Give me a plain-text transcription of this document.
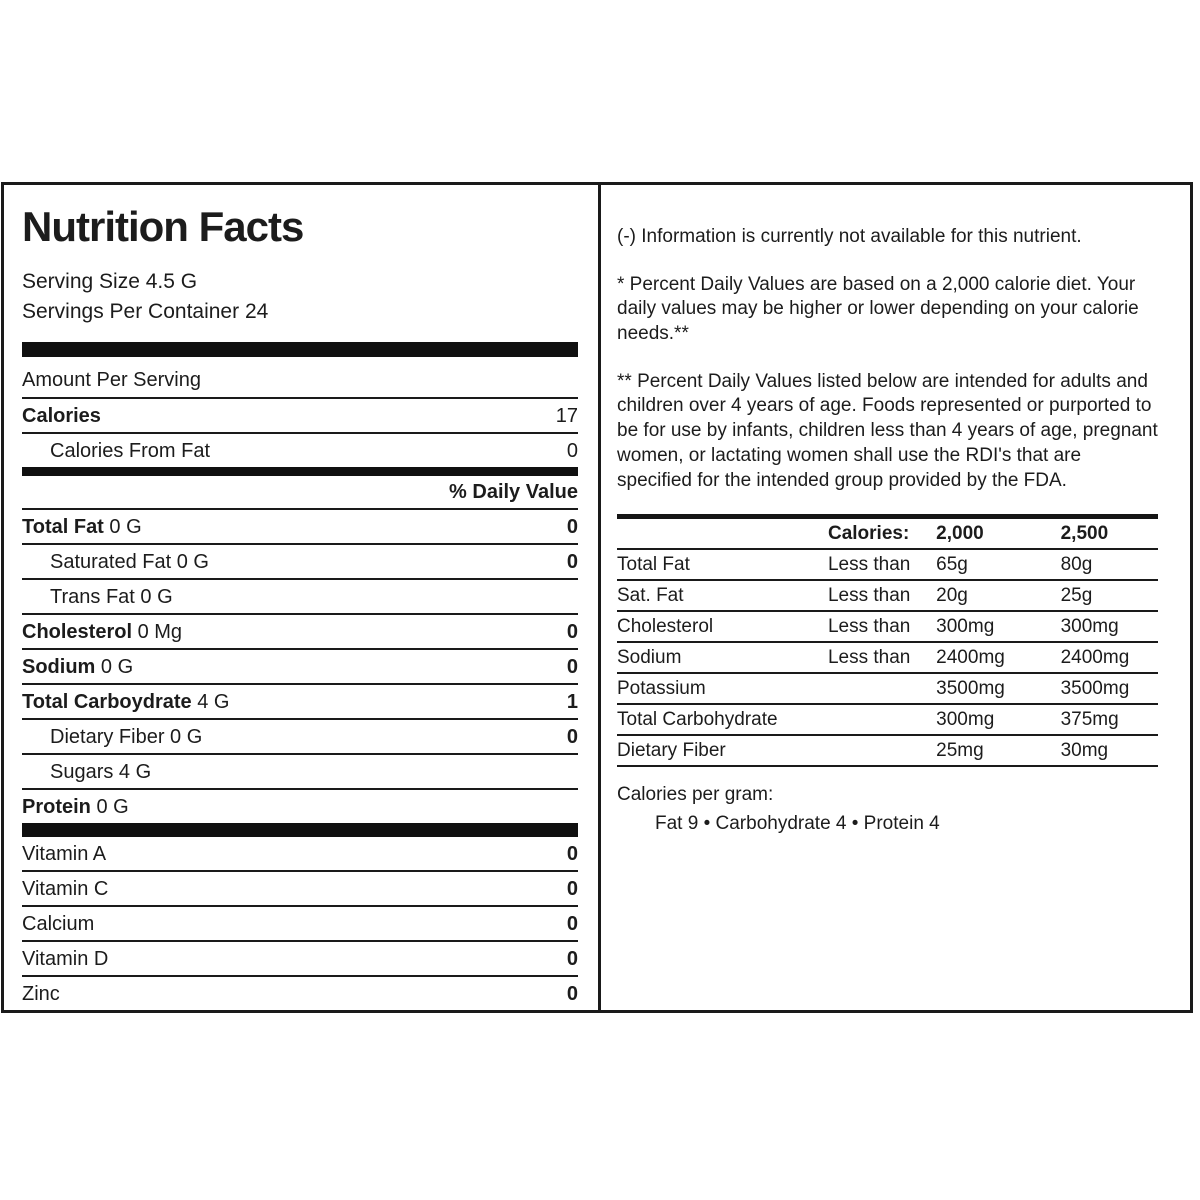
Nutrition Facts
Serving Size 4.5 G
Servings Per Container 24
Amount Per Serving
Calories	17
Calories From Fat	0
% Daily Value
Total Fat 0 G	0
Saturated Fat 0 G	0
Trans Fat 0 G
Cholesterol 0 Mg	0
Sodium 0 G	0
Total Carboydrate 4 G	1
Dietary Fiber 0 G	0
Sugars 4 G
Protein 0 G
Vitamin A	0
Vitamin C	0
Calcium	0
Vitamin D	0
Zinc	0

(-) Information is currently not available for this nutrient.

* Percent Daily Values are based on a 2,000 calorie diet. Your daily values may be higher or lower depending on your calorie needs.**

** Percent Daily Values listed below are intended for adults and children over 4 years of age. Foods represented or purported to be for use by infants, children less than 4 years of age, pregnant women, or lactating women shall use the RDI's that are specified for the intended group provided by the FDA.

	Calories:	2,000	2,500
Total Fat	Less than	65g	80g
Sat. Fat	Less than	20g	25g
Cholesterol	Less than	300mg	300mg
Sodium	Less than	2400mg	2400mg
Potassium		3500mg	3500mg
Total Carbohydrate		300mg	375mg
Dietary Fiber		25mg	30mg
Calories per gram:
Fat 9 • Carbohydrate 4 • Protein 4
